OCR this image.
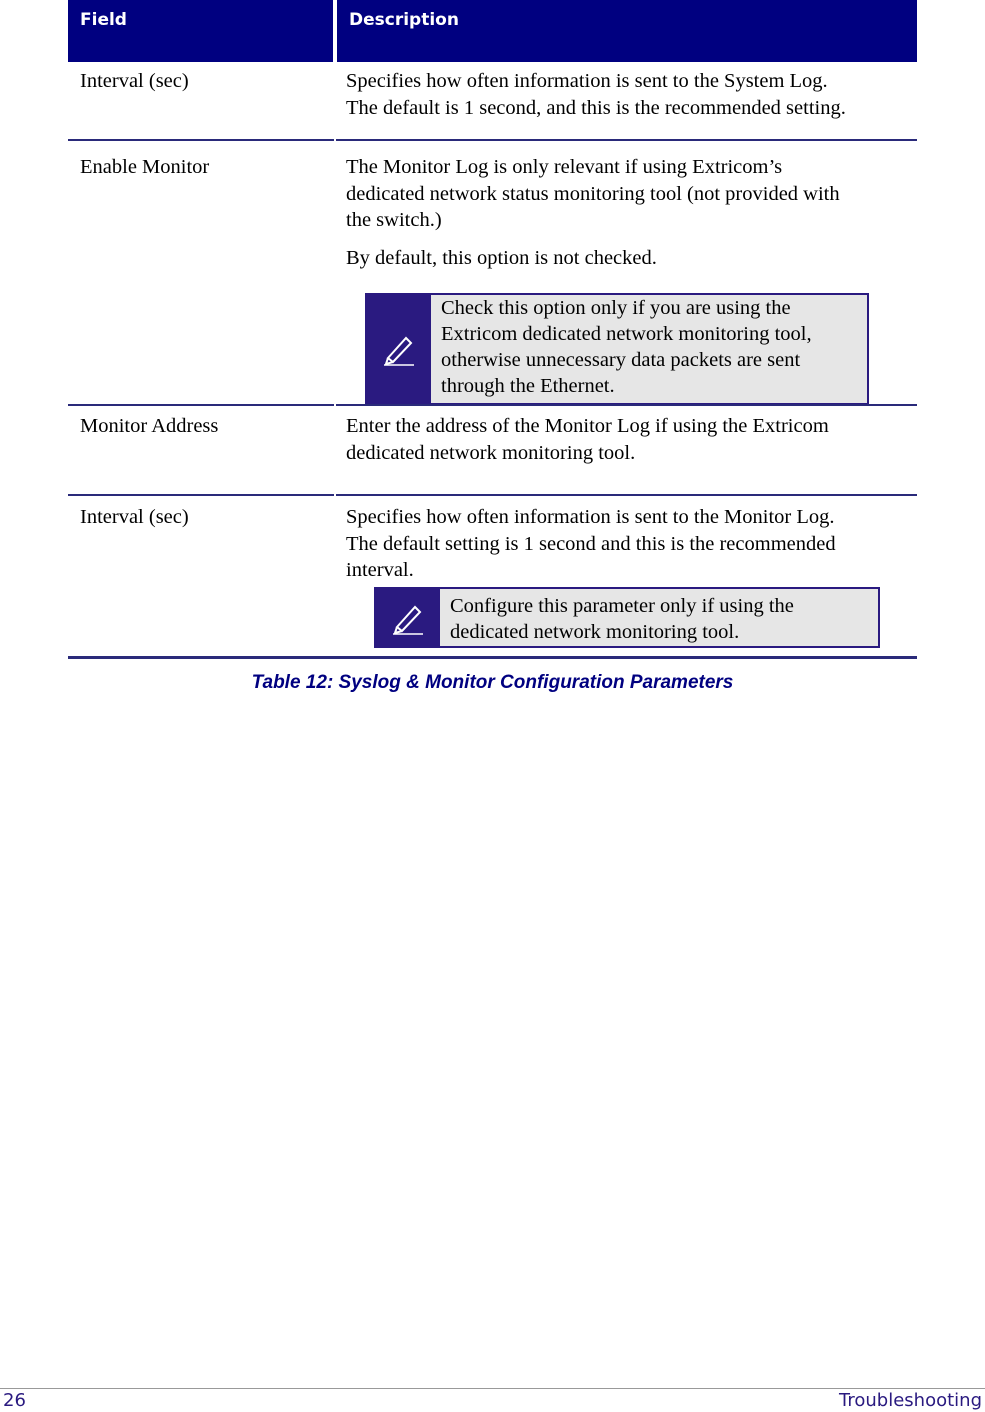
Field	Description
Interval (sec)	Specifies how often information is sent to the System Log.
The default is 1 second, and this is the recommended setting.
Enable Monitor	The Monitor Log is only relevant if using Extricom’s
dedicated network status monitoring tool (not provided with
the switch.)
By default, this option is not checked.
Check this option only if you are using the
Extricom dedicated network monitoring tool,
otherwise unnecessary data packets are sent
through the Ethernet.
Monitor Address	Enter the address of the Monitor Log if using the Extricom
dedicated network monitoring tool.
Interval (sec)	Specifies how often information is sent to the Monitor Log.
The default setting is 1 second and this is the recommended
interval.
Configure this parameter only if using the
dedicated network monitoring tool.
Table 12: Syslog & Monitor Configuration Parameters
26	Troubleshooting
